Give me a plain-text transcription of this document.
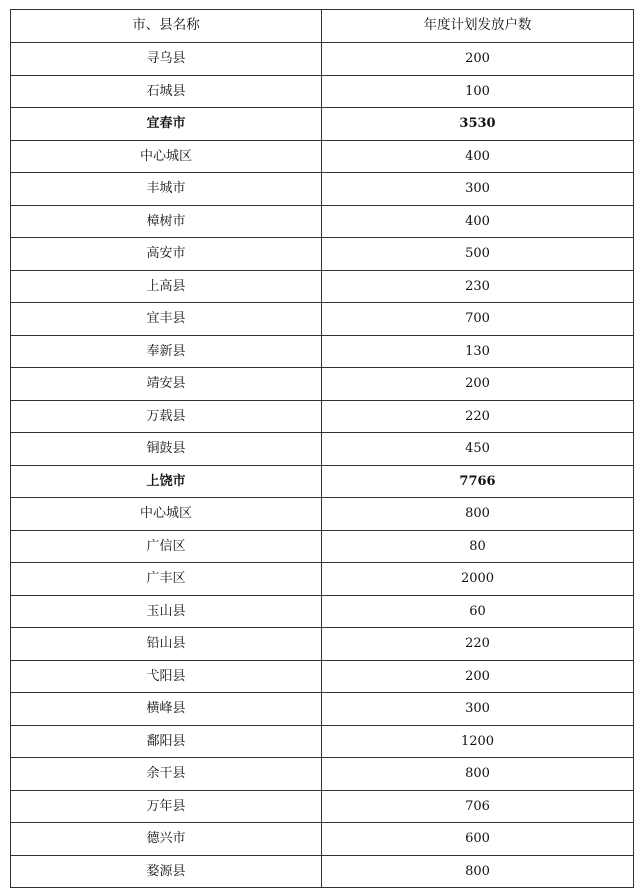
市、县名称	年度计划发放户数
寻乌县	200
石城县	100
宜春市	3530
中心城区	400
丰城市	300
樟树市	400
高安市	500
上高县	230
宜丰县	700
奉新县	130
靖安县	200
万载县	220
铜鼓县	450
上饶市	7766
中心城区	800
广信区	80
广丰区	2000
玉山县	60
铅山县	220
弋阳县	200
横峰县	300
鄱阳县	1200
余干县	800
万年县	706
德兴市	600
婺源县	800
